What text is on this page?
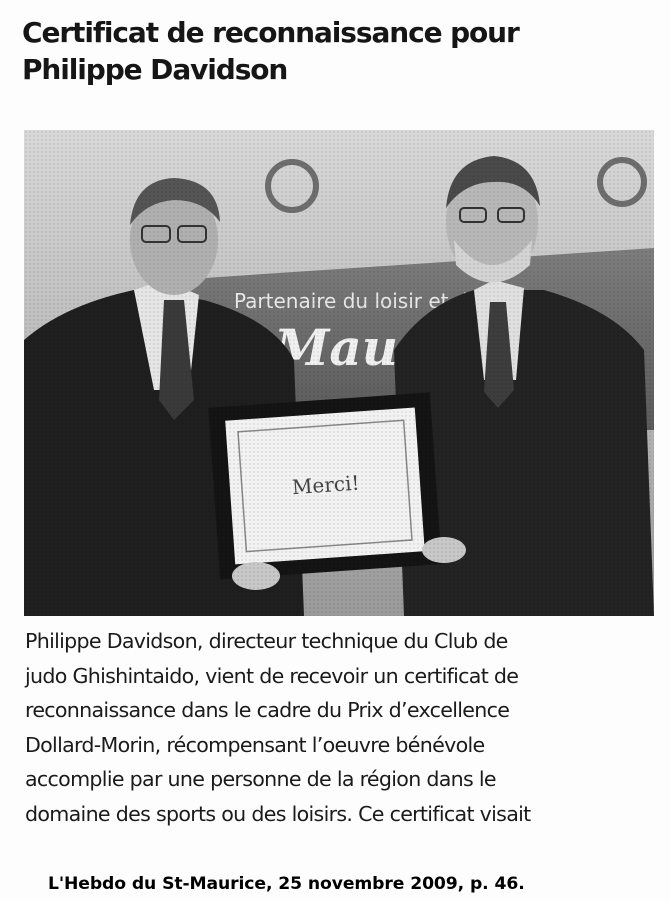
Certificat de reconnaissance pour
Philippe Davidson

Philippe Davidson, directeur technique du Club de
judo Ghishintaido, vient de recevoir un certificat de
reconnaissance dans le cadre du Prix d’excellence
Dollard-Morin, récompensant l’oeuvre bénévole
accomplie par une personne de la région dans le
domaine des sports ou des loisirs. Ce certificat visait

L'Hebdo du St-Maurice, 25 novembre 2009, p. 46.
